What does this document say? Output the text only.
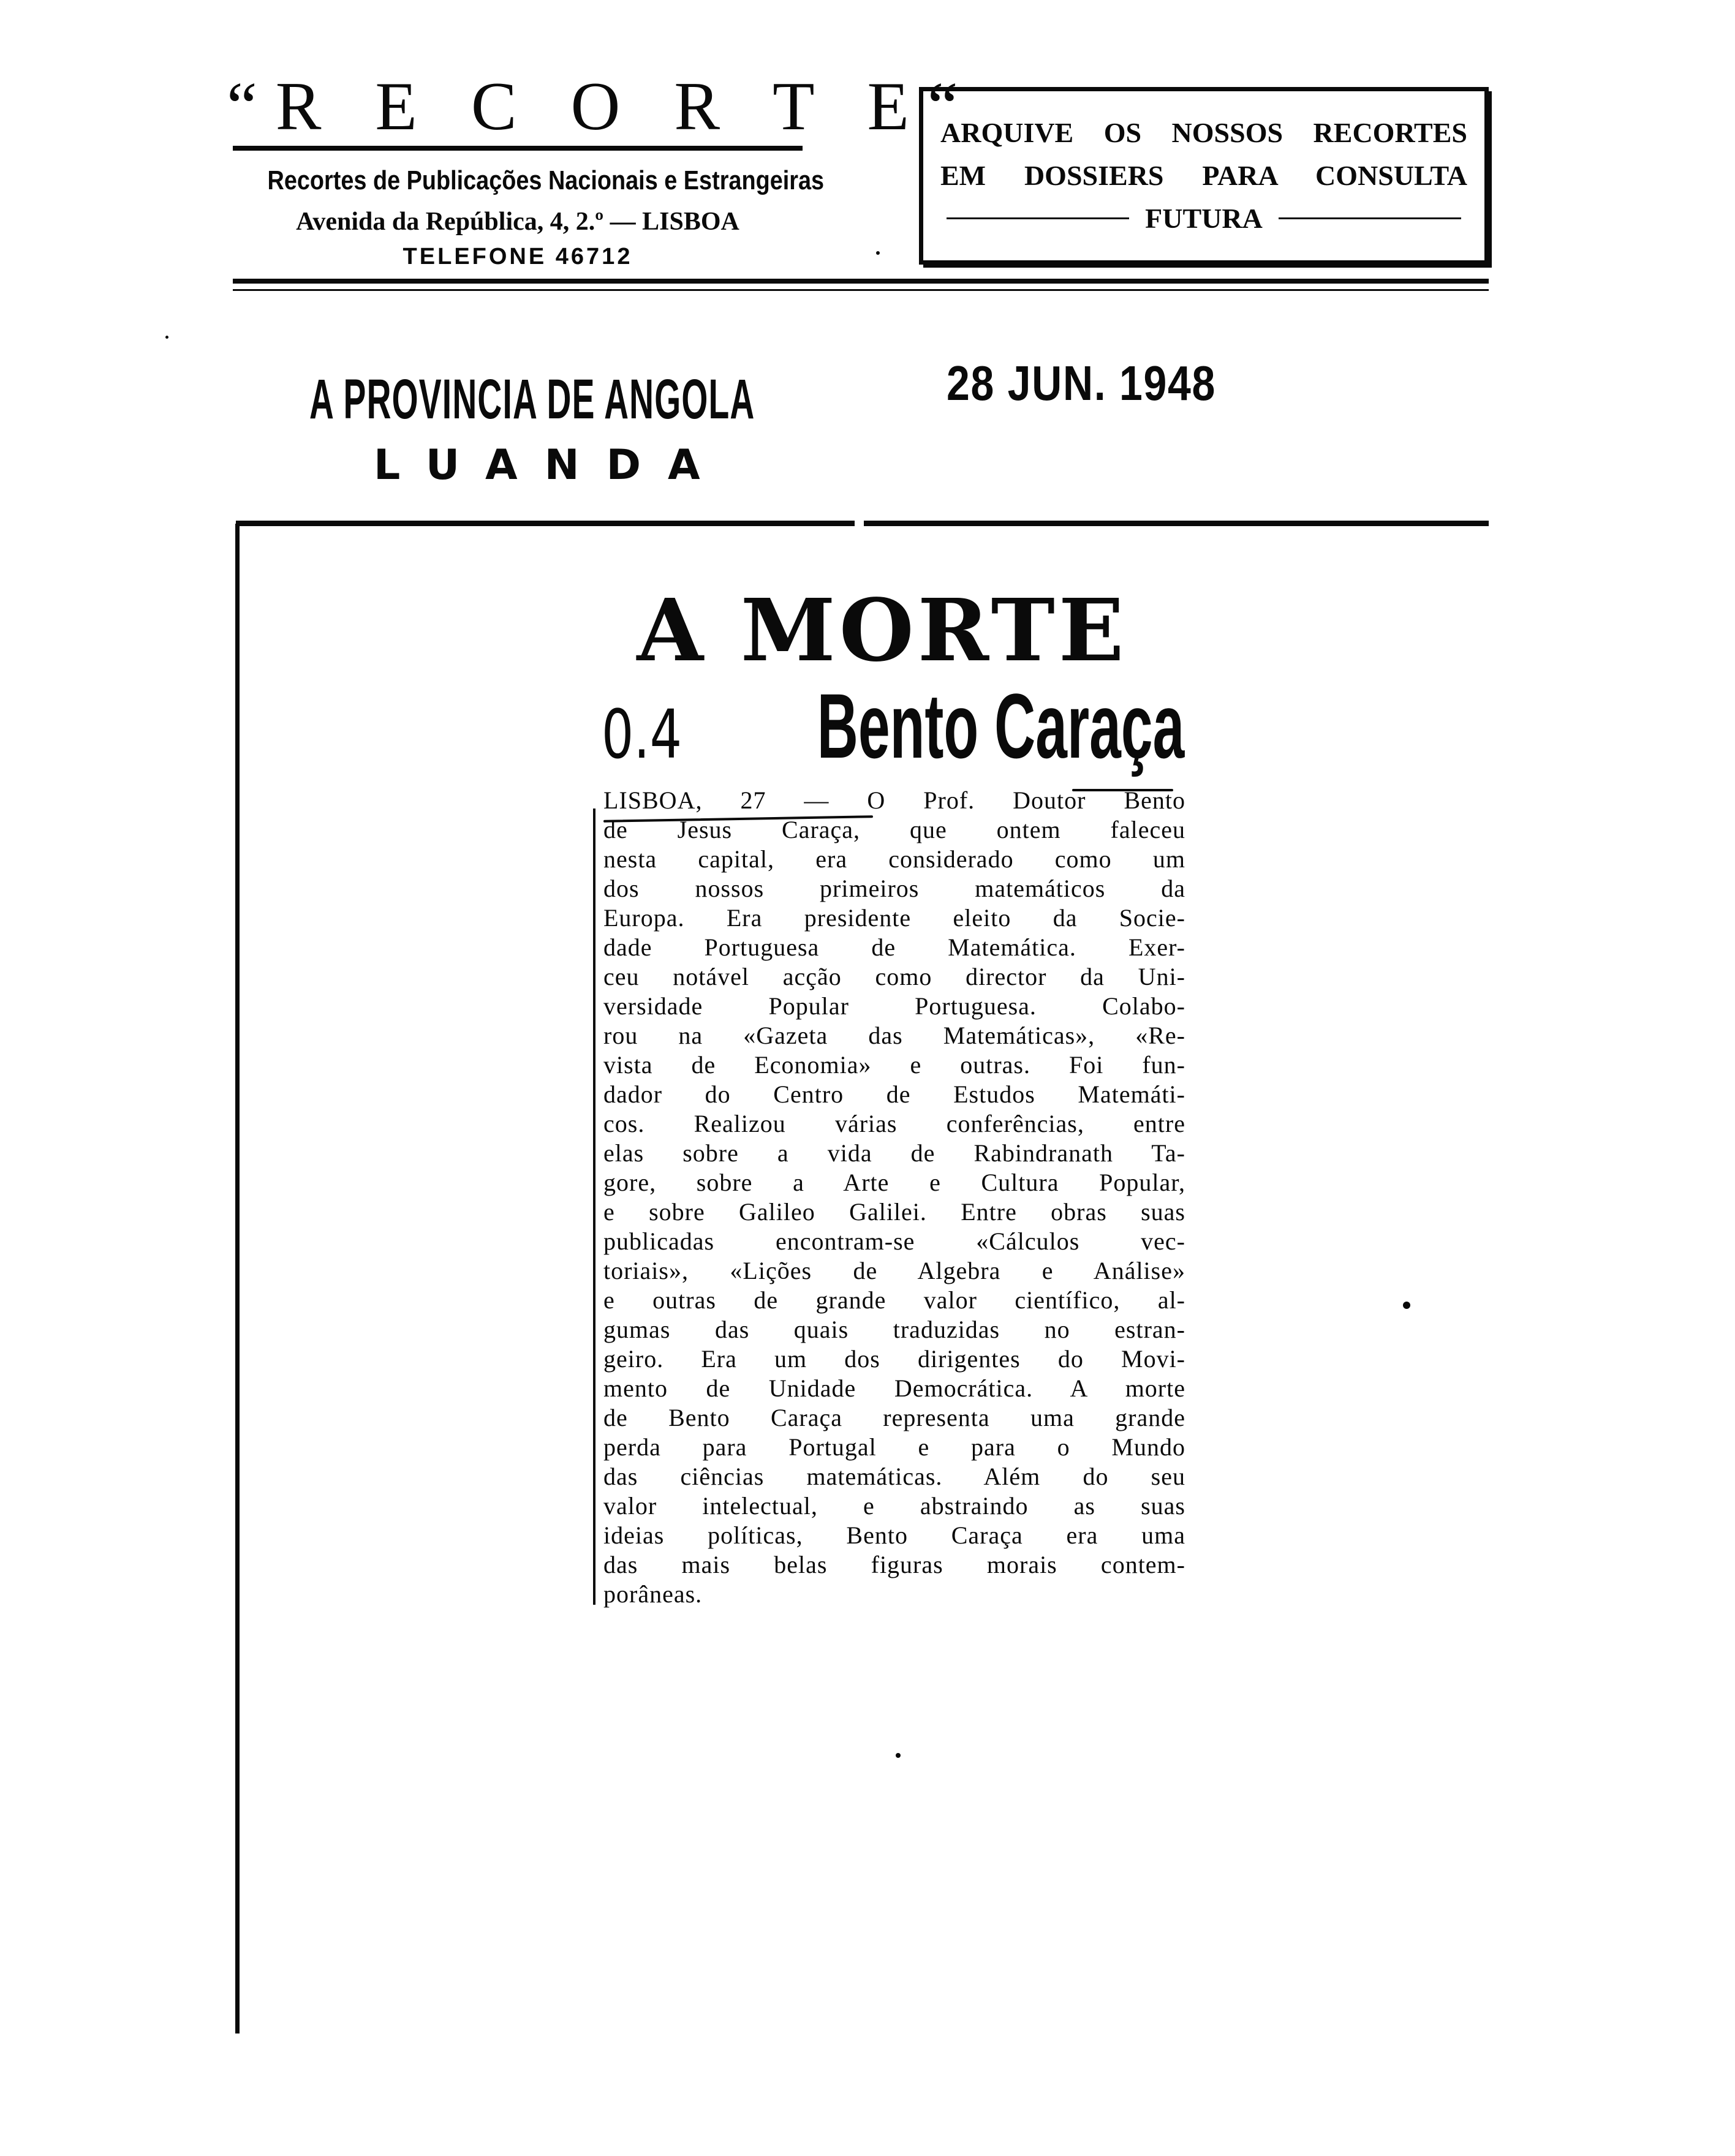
“R E C O R T E“
Recortes de Publicações Nacionais e Estrangeiras
Avenida da República, 4, 2.º — LISBOA
TELEFONE 46712
ARQUIVE OS NOSSOS RECORTES
EM DOSSIERS PARA CONSULTA
FUTURA
A PROVINCIA DE ANGOLA
LUANDA
28 JUN. 1948
A MORTE
0.4 Bento Caraça
LISBOA, 27 — O Prof. Doutor Bento
de Jesus Caraça, que ontem faleceu
nesta capital, era considerado como um
dos nossos primeiros matemáticos da
Europa. Era presidente eleito da Socie-
dade Portuguesa de Matemática. Exer-
ceu notável acção como director da Uni-
versidade Popular Portuguesa. Colabo-
rou na «Gazeta das Matemáticas», «Re-
vista de Economia» e outras. Foi fun-
dador do Centro de Estudos Matemáti-
cos. Realizou várias conferências, entre
elas sobre a vida de Rabindranath Ta-
gore, sobre a Arte e Cultura Popular,
e sobre Galileo Galilei. Entre obras suas
publicadas encontram-se «Cálculos vec-
toriais», «Lições de Algebra e Análise»
e outras de grande valor científico, al-
gumas das quais traduzidas no estran-
geiro. Era um dos dirigentes do Movi-
mento de Unidade Democrática. A morte
de Bento Caraça representa uma grande
perda para Portugal e para o Mundo
das ciências matemáticas. Além do seu
valor intelectual, e abstraindo as suas
ideias políticas, Bento Caraça era uma
das mais belas figuras morais contem-
porâneas.
